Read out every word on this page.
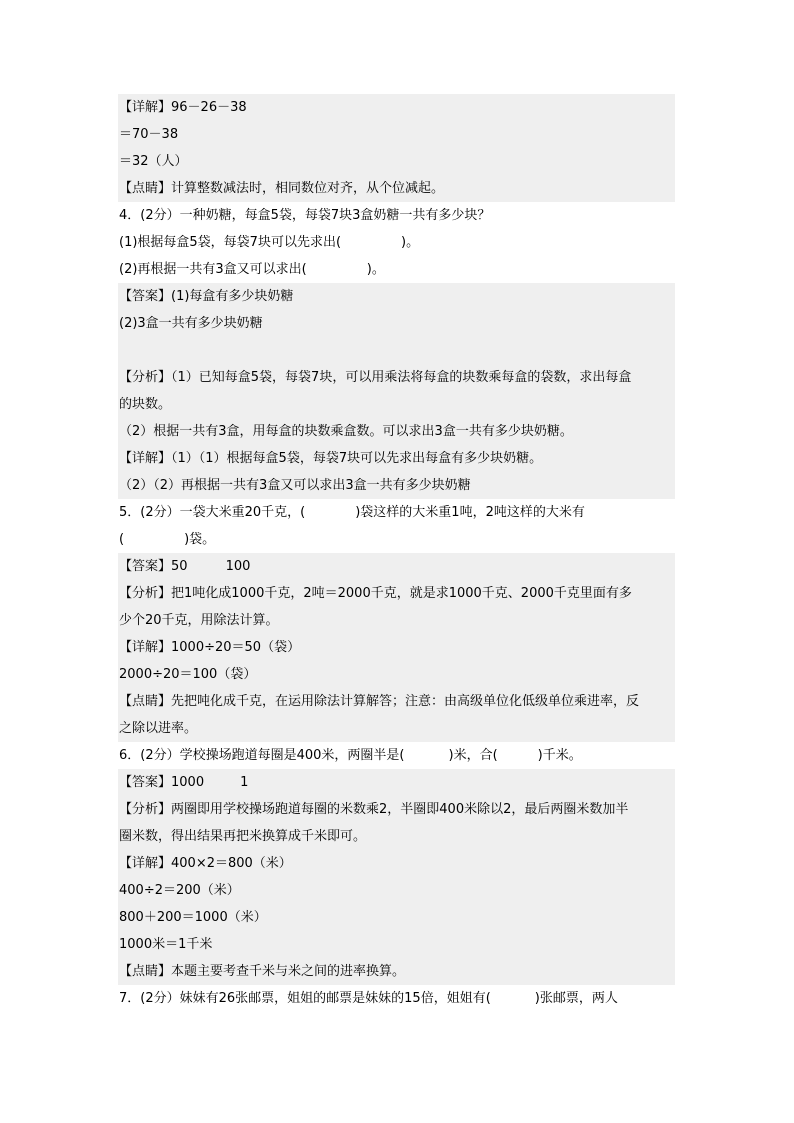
【详解】96－26－38
＝70－38
＝32（人）
【点睛】计算整数减法时，相同数位对齐，从个位减起。
4．(2分）一种奶糖，每盒5袋，每袋7块3盒奶糖一共有多少块？
(1)根据每盒5袋，每袋7块可以先求出(	)。
(2)再根据一共有3盒又可以求出(	)。
【答案】(1)每盒有多少块奶糖
(2)3盒一共有多少块奶糖
【分析】（1）已知每盒5袋，每袋7块，可以用乘法将每盒的块数乘每盒的袋数，求出每盒
的块数。
（2）根据一共有3盒，用每盒的块数乘盒数。可以求出3盒一共有多少块奶糖。
【详解】（1）（1）根据每盒5袋，每袋7块可以先求出每盒有多少块奶糖。
（2）（2）再根据一共有3盒又可以求出3盒一共有多少块奶糖
5．(2分）一袋大米重20千克，(	)袋这样的大米重1吨，2吨这样的大米有
(	)袋。
【答案】50	100
【分析】把1吨化成1000千克，2吨＝2000千克，就是求1000千克、2000千克里面有多
少个20千克，用除法计算。
【详解】1000÷20＝50（袋）
2000÷20＝100（袋）
【点睛】先把吨化成千克，在运用除法计算解答；注意：由高级单位化低级单位乘进率，反
之除以进率。
6．(2分）学校操场跑道每圈是400米，两圈半是(	)米，合(	)千米。
【答案】1000	1
【分析】两圈即用学校操场跑道每圈的米数乘2，半圈即400米除以2，最后两圈米数加半
圈米数，得出结果再把米换算成千米即可。
【详解】400×2＝800（米）
400÷2＝200（米）
800＋200＝1000（米）
1000米＝1千米
【点睛】本题主要考查千米与米之间的进率换算。
7．(2分）妹妹有26张邮票，姐姐的邮票是妹妹的15倍，姐姐有(	)张邮票，两人
